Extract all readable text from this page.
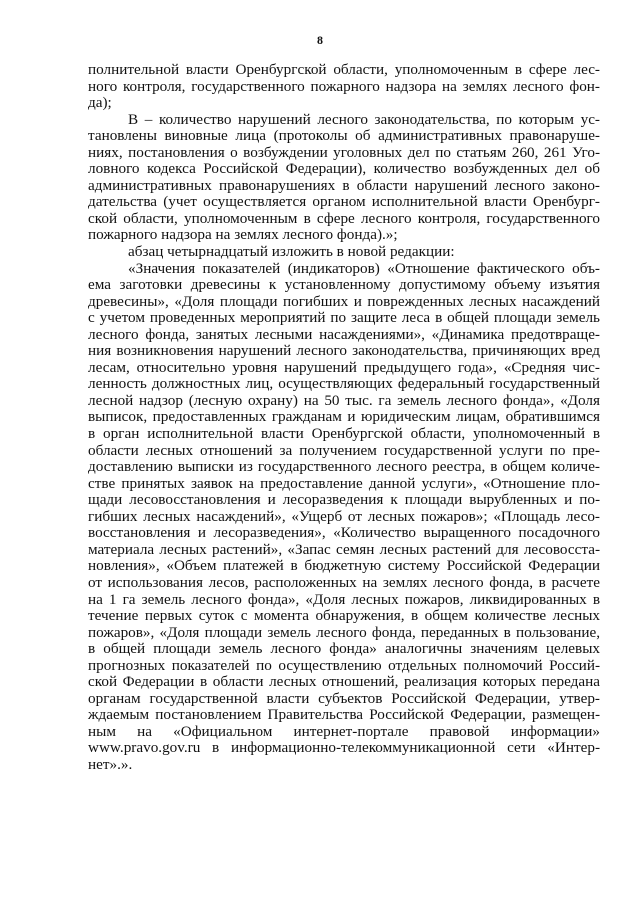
8

полнительной власти Оренбургской области, уполномоченным в сфере лес-

ного контроля, государственного пожарного надзора на землях лесного фон-

да);

В – количество нарушений лесного законодательства, по которым ус-

тановлены виновные лица (протоколы об административных правонаруше-

ниях, постановления о возбуждении уголовных дел по статьям 260, 261 Уго-

ловного кодекса Российской Федерации), количество возбужденных дел об

административных правонарушениях в области нарушений лесного законо-

дательства (учет осуществляется органом исполнительной власти Оренбург-

ской области, уполномоченным в сфере лесного контроля, государственного

пожарного надзора на землях лесного фонда).»;

абзац четырнадцатый изложить в новой редакции:

«Значения показателей (индикаторов) «Отношение фактического объ-

ема заготовки древесины к установленному допустимому объему изъятия

древесины», «Доля площади погибших и поврежденных лесных насаждений

с учетом проведенных мероприятий по защите леса в общей площади земель

лесного фонда, занятых лесными насаждениями», «Динамика предотвраще-

ния возникновения нарушений лесного законодательства, причиняющих вред

лесам, относительно уровня нарушений предыдущего года», «Средняя чис-

ленность должностных лиц, осуществляющих федеральный государственный

лесной надзор (лесную охрану) на 50 тыс. га земель лесного фонда», «Доля

выписок, предоставленных гражданам и юридическим лицам, обратившимся

в орган исполнительной власти Оренбургской области, уполномоченный в

области лесных отношений за получением государственной услуги по пре-

доставлению выписки из государственного лесного реестра, в общем количе-

стве принятых заявок на предоставление данной услуги», «Отношение пло-

щади лесовосстановления и лесоразведения к площади вырубленных и по-

гибших лесных насаждений», «Ущерб от лесных пожаров»; «Площадь лесо-

восстановления и лесоразведения», «Количество выращенного посадочного

материала лесных растений», «Запас семян лесных растений для лесовосста-

новления», «Объем платежей в бюджетную систему Российской Федерации

от использования лесов, расположенных на землях лесного фонда, в расчете

на 1 га земель лесного фонда», «Доля лесных пожаров, ликвидированных в

течение первых суток с момента обнаружения, в общем количестве лесных

пожаров», «Доля площади земель лесного фонда, переданных в пользование,

в общей площади земель лесного фонда» аналогичны значениям целевых

прогнозных показателей по осуществлению отдельных полномочий Россий-

ской Федерации в области лесных отношений, реализация которых передана

органам государственной власти субъектов Российской Федерации, утвер-

ждаемым постановлением Правительства Российской Федерации, размещен-

ным на «Официальном интернет-портале правовой информации»

www.pravo.gov.ru в информационно-телекоммуникационной сети «Интер-

нет».».
